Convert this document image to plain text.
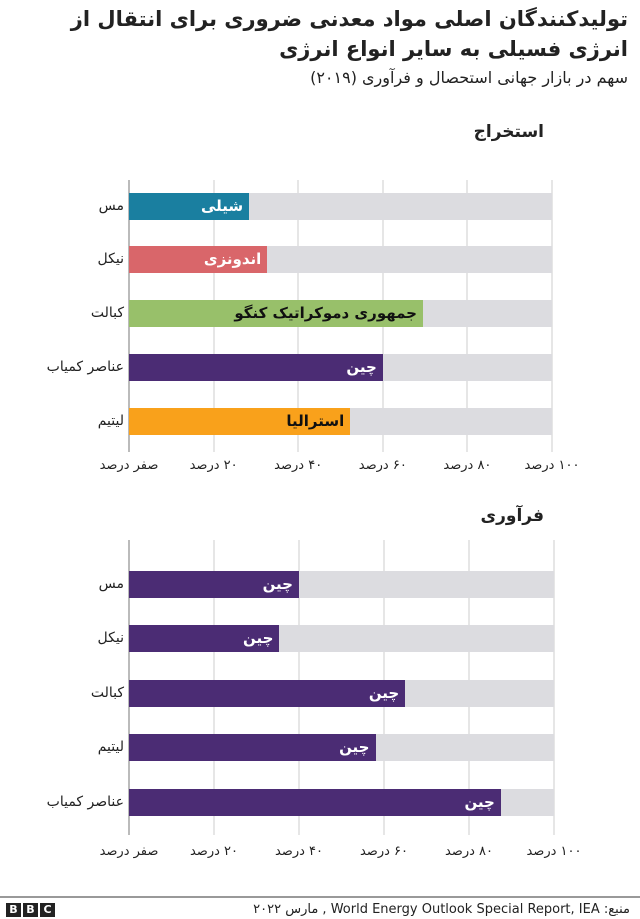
تولیدکنندگان اصلی مواد معدنی ضروری برای انتقال از انرژی فسیلی به سایر انواع انرژی
سهم در بازار جهانی استحصال و فرآوری (۲۰۱۹)
استخراج
صفر درصد	۲۰ درصد	۴۰ درصد	۶۰ درصد	۸۰ درصد	۱۰۰ درصد
مس	شیلی
نیکل	اندونزی
کبالت	جمهوری دموکراتیک کنگو
عناصر کمیاب	چین
لیتیم	استرالیا
فرآوری
صفر درصد	۲۰ درصد	۴۰ درصد	۶۰ درصد	۸۰ درصد	۱۰۰ درصد
مس	چین
نیکل	چین
کبالت	چین
لیتیم	چین
عناصر کمیاب	چین
منبع: World Energy Outlook Special Report, IEA , مارس ۲۰۲۲
B B C
